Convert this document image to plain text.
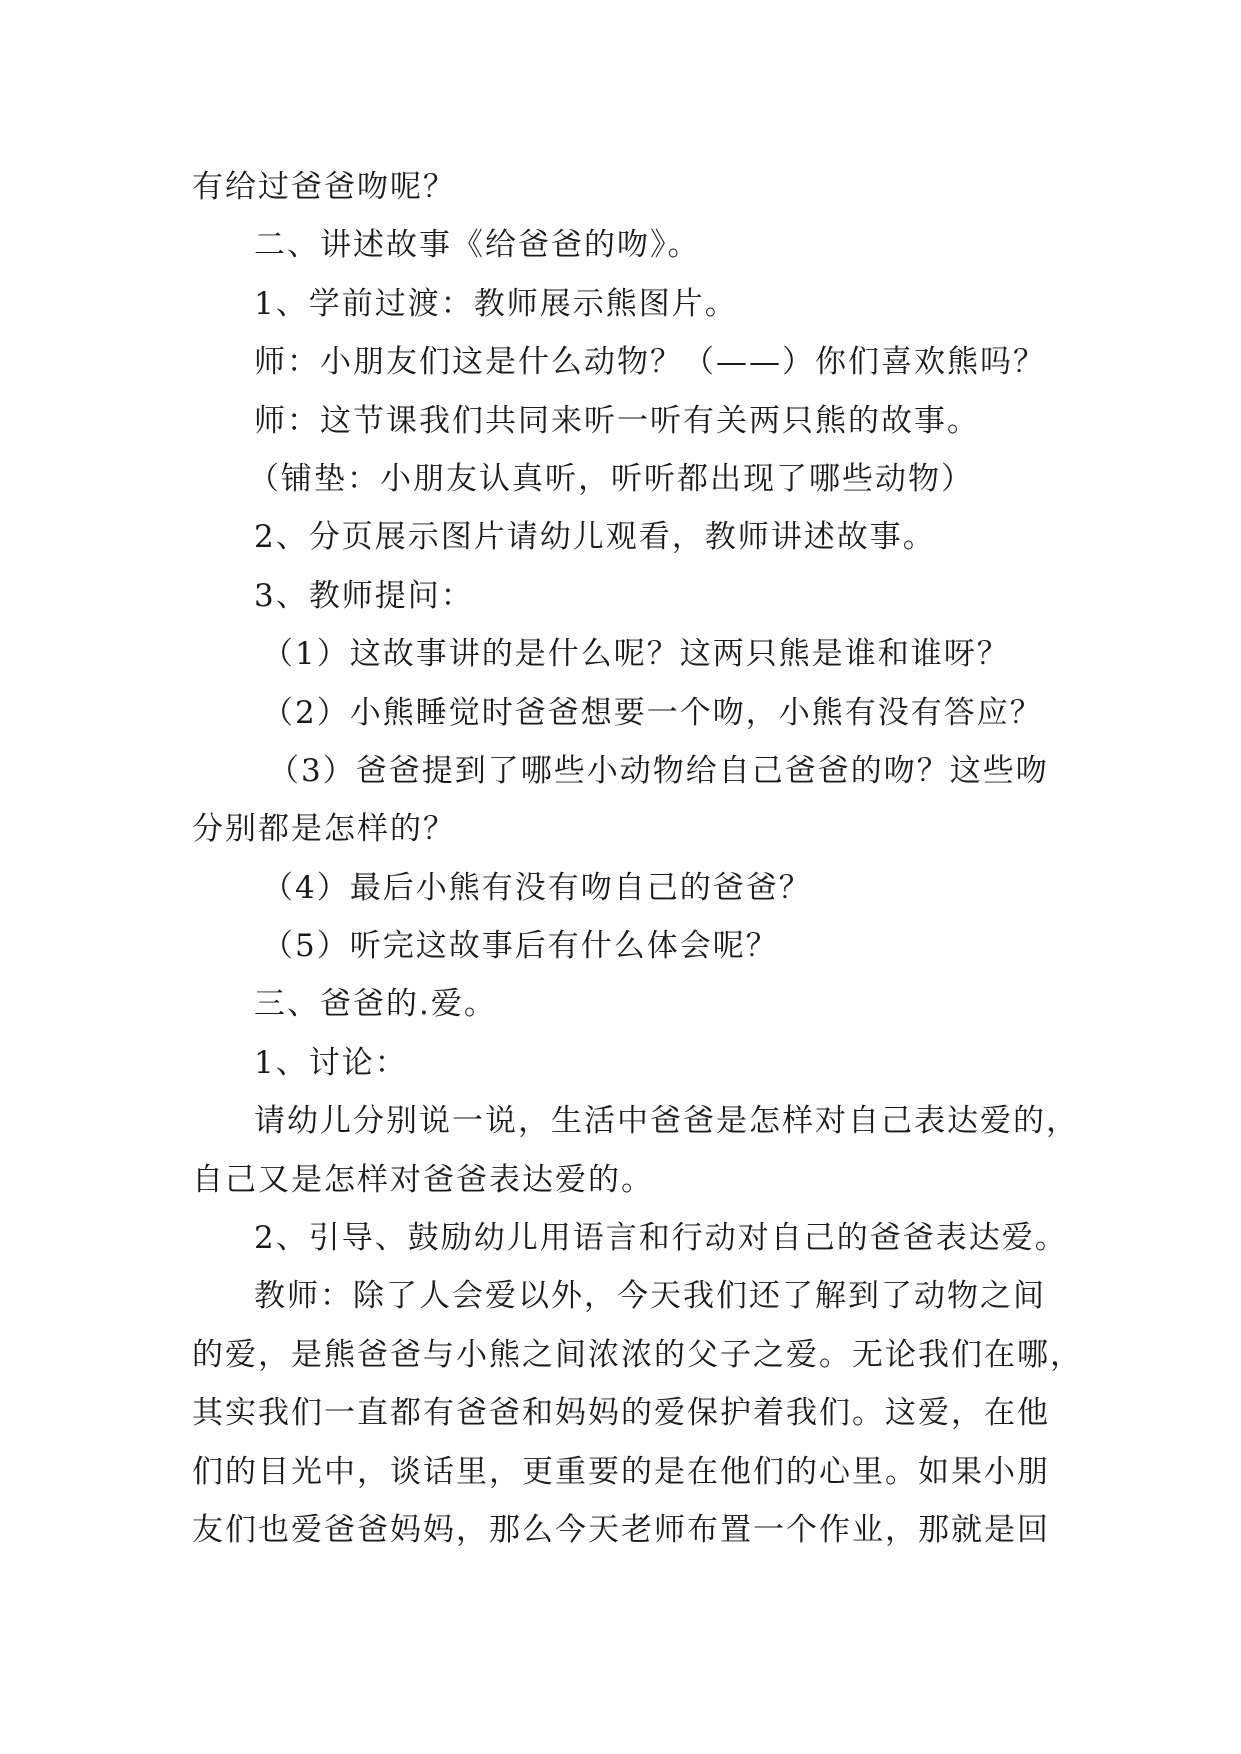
有给过爸爸吻呢？
二、讲述故事《给爸爸的吻》。
1、学前过渡：教师展示熊图片。
师：小朋友们这是什么动物？（——）你们喜欢熊吗？
师：这节课我们共同来听一听有关两只熊的故事。
（铺垫：小朋友认真听，听听都出现了哪些动物）
2、分页展示图片请幼儿观看，教师讲述故事。
3、教师提问：
（1）这故事讲的是什么呢？这两只熊是谁和谁呀？
（2）小熊睡觉时爸爸想要一个吻，小熊有没有答应？
（3）爸爸提到了哪些小动物给自己爸爸的吻？这些吻
分别都是怎样的？
（4）最后小熊有没有吻自己的爸爸？
（5）听完这故事后有什么体会呢？
三、爸爸的.爱。
1、讨论：
请幼儿分别说一说，生活中爸爸是怎样对自己表达爱的，
自己又是怎样对爸爸表达爱的。
2、引导、鼓励幼儿用语言和行动对自己的爸爸表达爱。
教师：除了人会爱以外，今天我们还了解到了动物之间
的爱，是熊爸爸与小熊之间浓浓的父子之爱。无论我们在哪，
其实我们一直都有爸爸和妈妈的爱保护着我们。这爱，在他
们的目光中，谈话里，更重要的是在他们的心里。如果小朋
友们也爱爸爸妈妈，那么今天老师布置一个作业，那就是回
